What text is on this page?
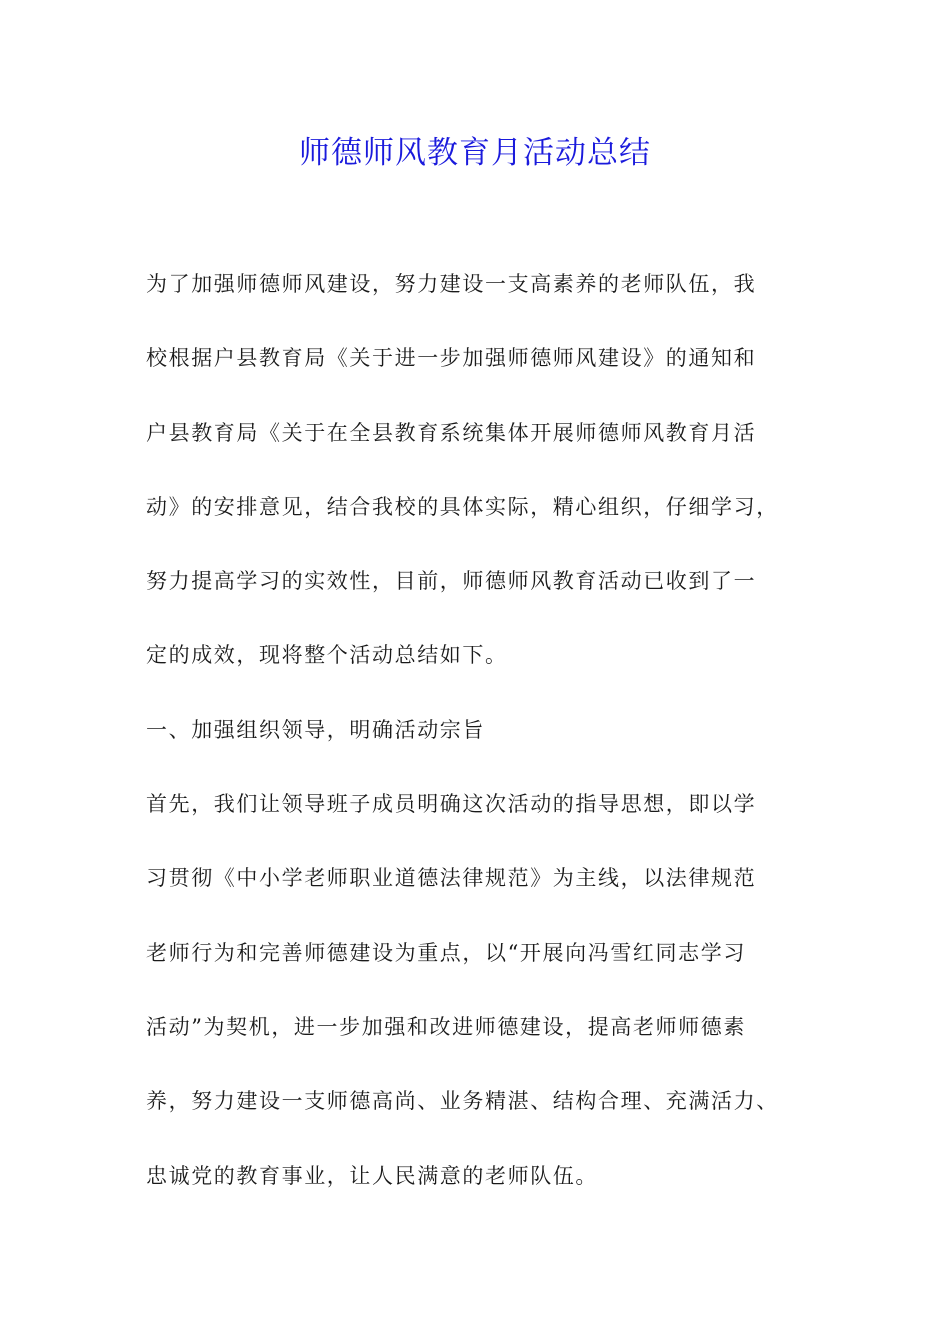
师德师风教育月活动总结
为了加强师德师风建设，努力建设一支高素养的老师队伍，我
校根据户县教育局《关于进一步加强师德师风建设》的通知和
户县教育局《关于在全县教育系统集体开展师德师风教育月活
动》的安排意见，结合我校的具体实际，精心组织，仔细学习，
努力提高学习的实效性，目前，师德师风教育活动已收到了一
定的成效，现将整个活动总结如下。
一、加强组织领导，明确活动宗旨
首先，我们让领导班子成员明确这次活动的指导思想，即以学
习贯彻《中小学老师职业道德法律规范》为主线，以法律规范
老师行为和完善师德建设为重点，以“开展向冯雪红同志学习
活动”为契机，进一步加强和改进师德建设，提高老师师德素
养，努力建设一支师德高尚、业务精湛、结构合理、充满活力、
忠诚党的教育事业，让人民满意的老师队伍。
